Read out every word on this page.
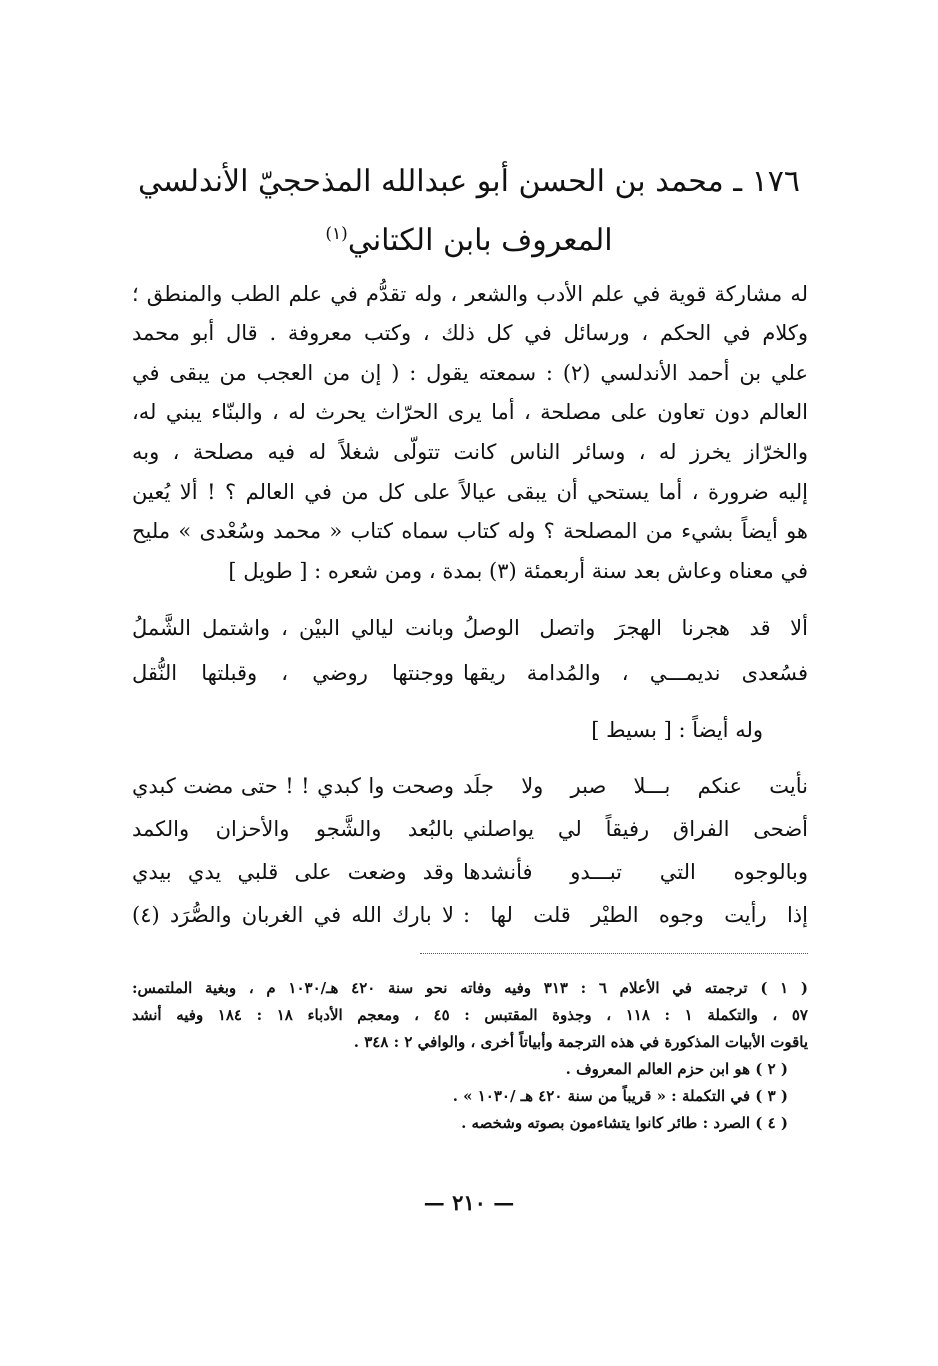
١٧٦ ـ محمد بن الحسن أبو عبدالله المذحجيّ الأندلسي
المعروف بابن الكتاني$^{(١)}$
له مشاركة قوية في علم الأدب والشعر ، وله تقدُّم في علم الطب والمنطق ؛
وكلام في الحكم ، ورسائل في كل ذلك ، وكتب معروفة . قال أبو محمد
علي بن أحمد الأندلسي (٢) : سمعته يقول : ( إن من العجب من يبقى في
العالم دون تعاون على مصلحة ، أما يرى الحرّاث يحرث له ، والبنّاء يبني له،
والخرّاز يخرز له ، وسائر الناس كانت تتولّى شغلاً له فيه مصلحة ، وبه
إليه ضرورة ، أما يستحي أن يبقى عيالاً على كل من في العالم ؟ ! ألا يُعين
هو أيضاً بشيء من المصلحة ؟ وله كتاب سماه كتاب « محمد وسُعْدى » مليح
في معناه وعاش بعد سنة أربعمئة (٣) بمدة ، ومن شعره : [ طويل ]
ألا قد هجرنا الهجرَ واتصل الوصلُ
وبانت ليالي البيْن ، واشتمل الشَّملُ
فسُعدى نديمـــي ، والمُدامة ريقها
ووجنتها روضي ، وقبلتها النُّقل
وله أيضاً : [ بسيط ]
نأيت عنكم بـــلا صبر ولا جلَد
وصحت وا كبدي ! ! حتى مضت كبدي
أضحى الفراق رفيقاً لي يواصلني
بالبُعد والشَّجو والأحزان والكمد
وبالوجوه التي تبـــدو فأنشدها
وقد وضعت على قلبي يدي بيدي
إذا رأيت وجوه الطيْر قلت لها :
لا بارك الله في الغربان والصُّرَد (٤)
( ١ ) ترجمته في الأعلام ٦ : ٣١٣ وفيه وفاته نحو سنة ٤٢٠ هـ/١٠٣٠ م ، وبغية الملتمس:
٥٧ ، والتكملة ١ : ١١٨ ، وجذوة المقتبس : ٤٥ ، ومعجم الأدباء ١٨ : ١٨٤ وفيه أنشد
ياقوت الأبيات المذكورة في هذه الترجمة وأبياتاً أخرى ، والوافي ٢ : ٣٤٨ .
( ٢ ) هو ابن حزم العالم المعروف .
( ٣ ) في التكملة : « قريباً من سنة ٤٢٠ هـ /١٠٣٠ » .
( ٤ ) الصرد : طائر كانوا يتشاءمون بصوته وشخصه .
— ٢١٠ —
